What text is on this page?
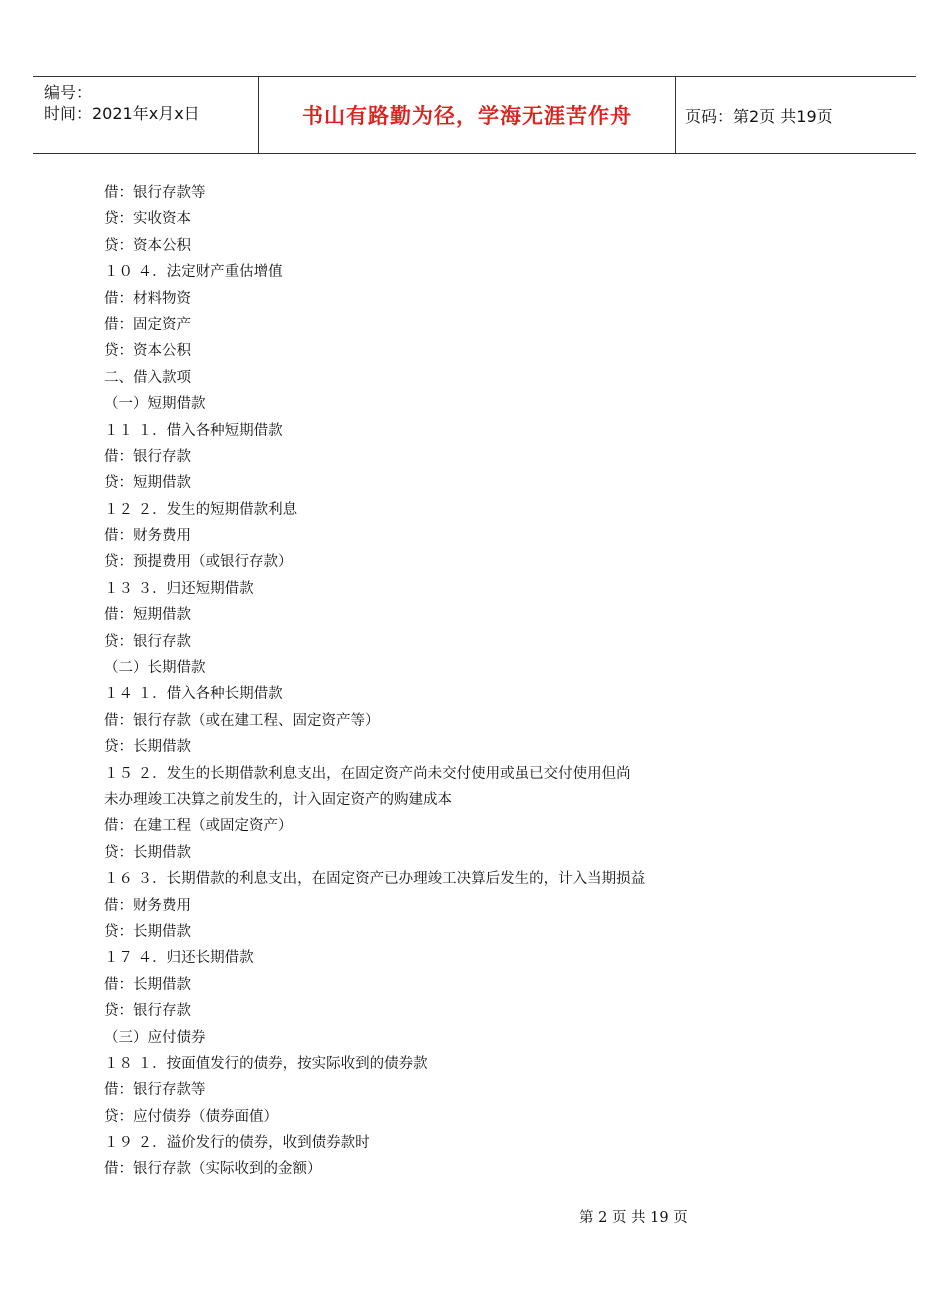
编号：
时间：2021年x月x日	书山有路勤为径，学海无涯苦作舟	页码：第2页 共19页
借：银行存款等
贷：实收资本
贷：资本公积
１０ ４．法定财产重估增值
借：材料物资
借：固定资产
贷：资本公积
二、借入款项
（一）短期借款
１１ １．借入各种短期借款
借：银行存款
贷：短期借款
１２ ２．发生的短期借款利息
借：财务费用
贷：预提费用（或银行存款）
１３ ３．归还短期借款
借：短期借款
贷：银行存款
（二）长期借款
１４ １．借入各种长期借款
借：银行存款（或在建工程、固定资产等）
贷：长期借款
１５ ２．发生的长期借款利息支出，在固定资产尚未交付使用或虽已交付使用但尚
未办理竣工决算之前发生的，计入固定资产的购建成本
借：在建工程（或固定资产）
贷：长期借款
１６ ３．长期借款的利息支出，在固定资产已办理竣工决算后发生的，计入当期损益
借：财务费用
贷：长期借款
１７ ４．归还长期借款
借：长期借款
贷：银行存款
（三）应付债券
１８ １．按面值发行的债券，按实际收到的债券款
借：银行存款等
贷：应付债券（债券面值）
１９ ２．溢价发行的债券，收到债券款时
借：银行存款（实际收到的金额）
第 2 页 共 19 页
